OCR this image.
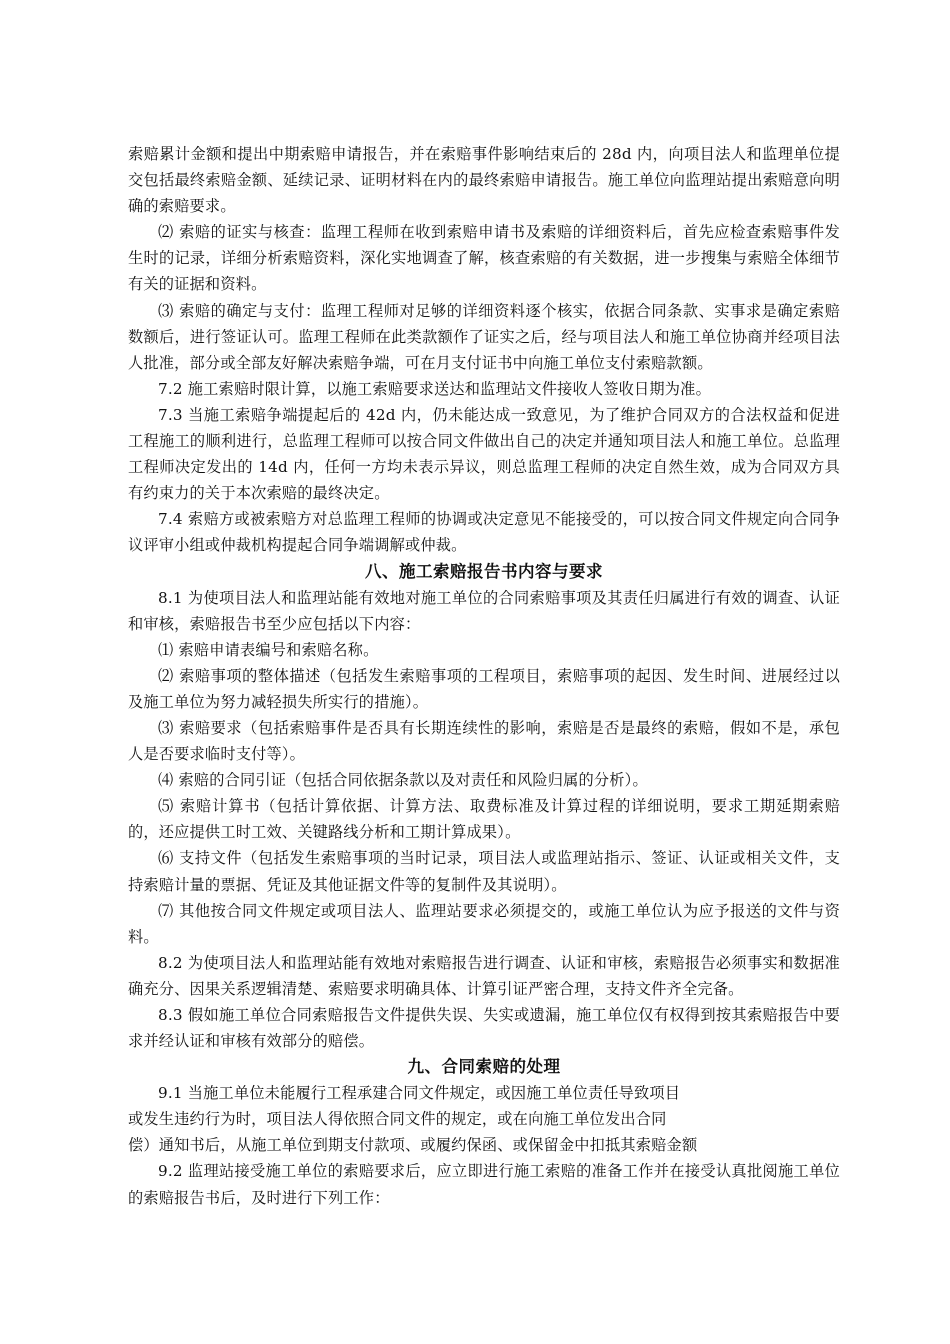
索赔累计金额和提出中期索赔申请报告，并在索赔事件影响结束后的 28d 内，向项目法人和监理单位提交包括最终索赔金额、延续记录、证明材料在内的最终索赔申请报告。施工单位向监理站提出索赔意向明确的索赔要求。

⑵ 索赔的证实与核查：监理工程师在收到索赔申请书及索赔的详细资料后，首先应检查索赔事件发生时的记录，详细分析索赔资料，深化实地调查了解，核查索赔的有关数据，进一步搜集与索赔全体细节有关的证据和资料。

⑶ 索赔的确定与支付：监理工程师对足够的详细资料逐个核实，依据合同条款、实事求是确定索赔数额后，进行签证认可。监理工程师在此类款额作了证实之后，经与项目法人和施工单位协商并经项目法人批准，部分或全部友好解决索赔争端，可在月支付证书中向施工单位支付索赔款额。

7.2 施工索赔时限计算，以施工索赔要求送达和监理站文件接收人签收日期为准。

7.3 当施工索赔争端提起后的 42d 内，仍未能达成一致意见，为了维护合同双方的合法权益和促进工程施工的顺利进行，总监理工程师可以按合同文件做出自己的决定并通知项目法人和施工单位。总监理工程师决定发出的 14d 内，任何一方均未表示异议，则总监理工程师的决定自然生效，成为合同双方具有约束力的关于本次索赔的最终决定。

7.4 索赔方或被索赔方对总监理工程师的协调或决定意见不能接受的，可以按合同文件规定向合同争议评审小组或仲裁机构提起合同争端调解或仲裁。

八、施工索赔报告书内容与要求

8.1 为使项目法人和监理站能有效地对施工单位的合同索赔事项及其责任归属进行有效的调查、认证和审核，索赔报告书至少应包括以下内容：

⑴ 索赔申请表编号和索赔名称。

⑵ 索赔事项的整体描述（包括发生索赔事项的工程项目，索赔事项的起因、发生时间、进展经过以及施工单位为努力减轻损失所实行的措施）。

⑶ 索赔要求（包括索赔事件是否具有长期连续性的影响，索赔是否是最终的索赔，假如不是，承包人是否要求临时支付等）。

⑷ 索赔的合同引证（包括合同依据条款以及对责任和风险归属的分析）。

⑸ 索赔计算书（包括计算依据、计算方法、取费标准及计算过程的详细说明，要求工期延期索赔的，还应提供工时工效、关键路线分析和工期计算成果）。

⑹ 支持文件（包括发生索赔事项的当时记录，项目法人或监理站指示、签证、认证或相关文件，支持索赔计量的票据、凭证及其他证据文件等的复制件及其说明）。

⑺ 其他按合同文件规定或项目法人、监理站要求必须提交的，或施工单位认为应予报送的文件与资料。

8.2 为使项目法人和监理站能有效地对索赔报告进行调查、认证和审核，索赔报告必须事实和数据准确充分、因果关系逻辑清楚、索赔要求明确具体、计算引证严密合理，支持文件齐全完备。

8.3 假如施工单位合同索赔报告文件提供失误、失实或遗漏，施工单位仅有权得到按其索赔报告中要求并经认证和审核有效部分的赔偿。

九、合同索赔的处理

9.1 当施工单位未能履行工程承建合同文件规定，或因施工单位责任导致项目

或发生违约行为时，项目法人得依照合同文件的规定，或在向施工单位发出合同

偿）通知书后，从施工单位到期支付款项、或履约保函、或保留金中扣抵其索赔金额

9.2 监理站接受施工单位的索赔要求后，应立即进行施工索赔的准备工作并在接受认真批阅施工单位的索赔报告书后，及时进行下列工作：
